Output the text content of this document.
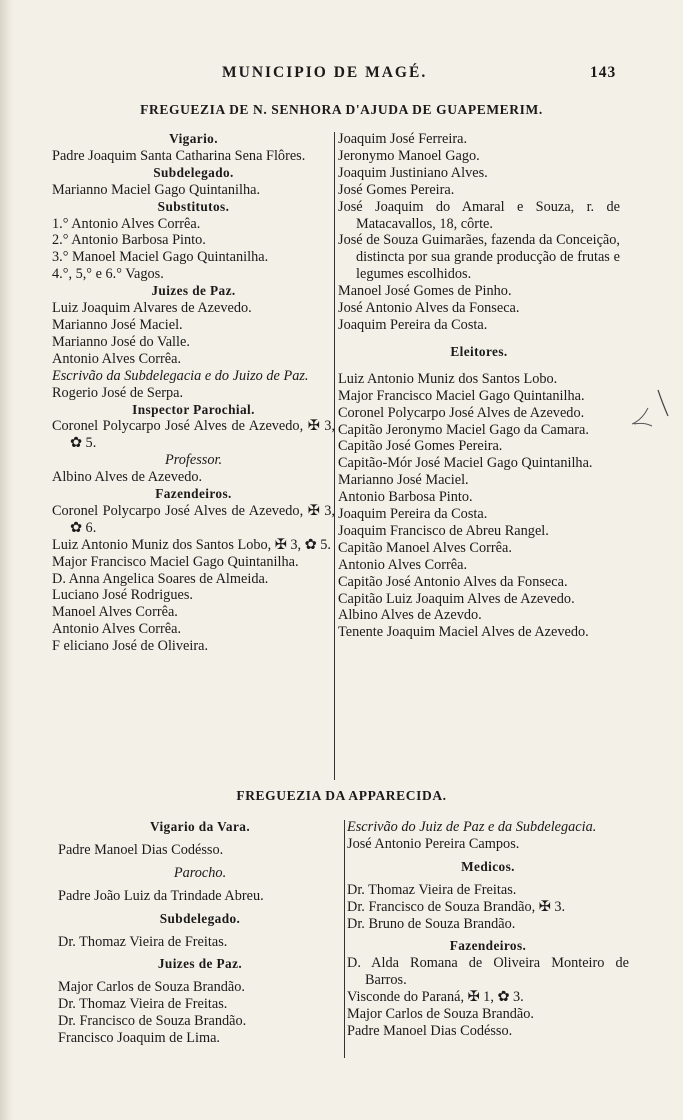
MUNICIPIO DE MAGÉ.	143
FREGUEZIA DE N. SENHORA D'AJUDA DE GUAPEMERIM.
Vigario.
Padre Joaquim Santa Catharina Sena Flôres.
Subdelegado.
Marianno Maciel Gago Quintanilha.
Substitutos.
1.° Antonio Alves Corrêa.
2.° Antonio Barbosa Pinto.
3.° Manoel Maciel Gago Quintanilha.
4.°, 5,° e 6.° Vagos.
Juizes de Paz.
Luiz Joaquim Alvares de Azevedo.
Marianno José Maciel.
Marianno José do Valle.
Antonio Alves Corrêa.
Escrivão da Subdelegacia e do Juizo de Paz.
Rogerio José de Serpa.
Inspector Parochial.
Coronel Polycarpo José Alves de Azevedo, ✠ 3, ✿ 5.
Professor.
Albino Alves de Azevedo.
Fazendeiros.
Coronel Polycarpo José Alves de Azevedo, ✠ 3, ✿ 6.
Luiz Antonio Muniz dos Santos Lobo, ✠ 3, ✿ 5.
Major Francisco Maciel Gago Quintanilha.
D. Anna Angelica Soares de Almeida.
Luciano José Rodrigues.
Manoel Alves Corrêa.
Antonio Alves Corrêa.
F eliciano José de Oliveira.
Joaquim José Ferreira.
Jeronymo Manoel Gago.
Joaquim Justiniano Alves.
José Gomes Pereira.
José Joaquim do Amaral e Souza, r. de Matacavallos, 18, côrte.
José de Souza Guimarães, fazenda da Conceição, distincta por sua grande producção de frutas e legumes escolhidos.
Manoel José Gomes de Pinho.
José Antonio Alves da Fonseca.
Joaquim Pereira da Costa.
Eleitores.
Luiz Antonio Muniz dos Santos Lobo.
Major Francisco Maciel Gago Quintanilha.
Coronel Polycarpo José Alves de Azevedo.
Capitão Jeronymo Maciel Gago da Camara.
Capitão José Gomes Pereira.
Capitão-Mór José Maciel Gago Quintanilha.
Marianno José Maciel.
Antonio Barbosa Pinto.
Joaquim Pereira da Costa.
Joaquim Francisco de Abreu Rangel.
Capitão Manoel Alves Corrêa.
Antonio Alves Corrêa.
Capitão José Antonio Alves da Fonseca.
Capitão Luiz Joaquim Alves de Azevedo.
Albino Alves de Azevdo.
Tenente Joaquim Maciel Alves de Azevedo.
FREGUEZIA DA APPARECIDA.
Vigario da Vara.
Padre Manoel Dias Codésso.
Parocho.
Padre João Luiz da Trindade Abreu.
Subdelegado.
Dr. Thomaz Vieira de Freitas.
Juizes de Paz.
Major Carlos de Souza Brandão.
Dr. Thomaz Vieira de Freitas.
Dr. Francisco de Souza Brandão.
Francisco Joaquim de Lima.
Escrivão do Juiz de Paz e da Subdelegacia.
José Antonio Pereira Campos.
Medicos.
Dr. Thomaz Vieira de Freitas.
Dr. Francisco de Souza Brandão, ✠ 3.
Dr. Bruno de Souza Brandão.
Fazendeiros.
D. Alda Romana de Oliveira Monteiro de Barros.
Visconde do Paraná, ✠ 1, ✿ 3.
Major Carlos de Souza Brandão.
Padre Manoel Dias Codésso.
